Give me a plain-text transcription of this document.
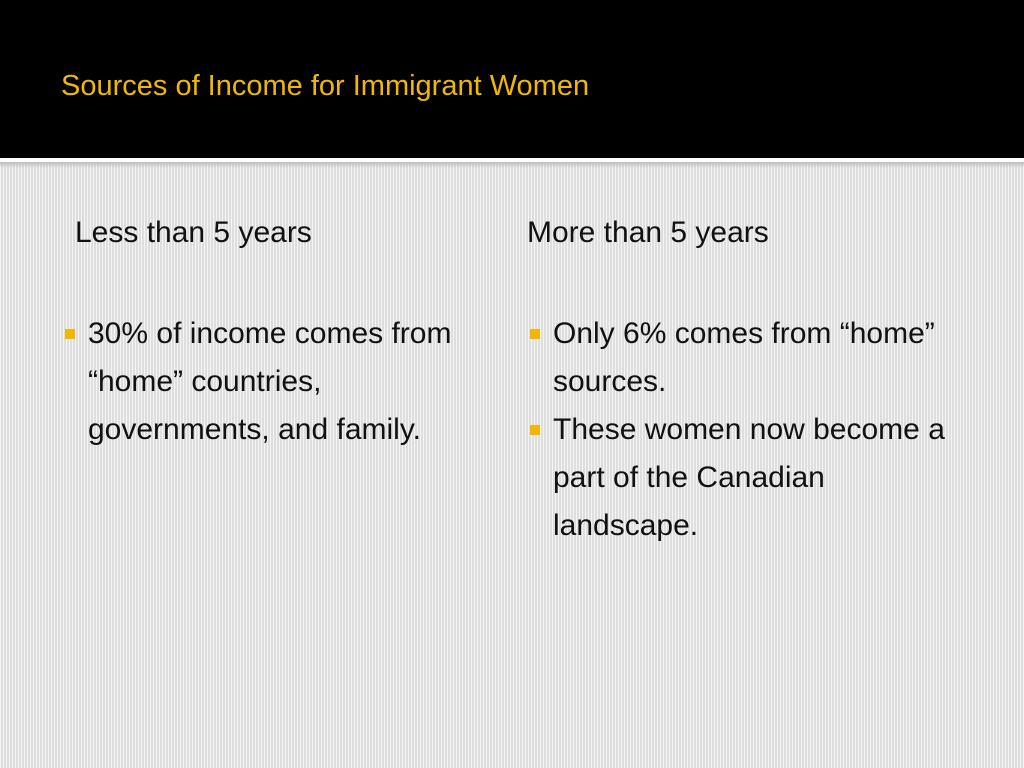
Sources of Income for Immigrant Women
Less than 5 years
30% of income comes from “home” countries, governments, and family.
More than 5 years
Only 6% comes from “home” sources.
These women now become a part of the Canadian landscape.
